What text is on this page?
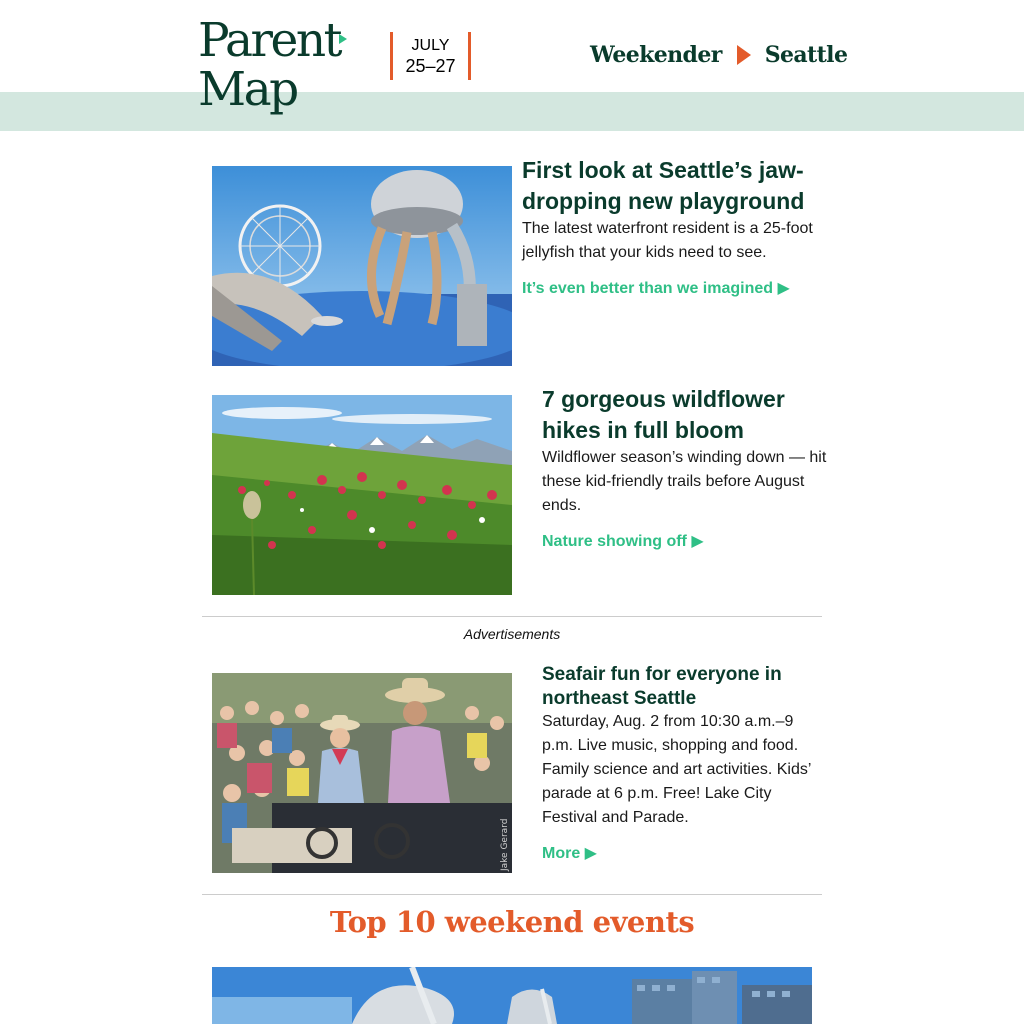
Parent
Map
JULY
25–27	Weekender Seattle
First look at Seattle’s jaw-dropping new playground
The latest waterfront resident is a 25-foot jellyfish that your kids need to see.
It’s even better than we imagined ▶
7 gorgeous wildflower hikes in full bloom
Wildflower season’s winding down — hit these kid-friendly trails before August ends.
Nature showing off ▶
Advertisements
Jake Gerard
Seafair fun for everyone in northeast Seattle
Saturday, Aug. 2 from 10:30 a.m.–9 p.m. Live music, shopping and food. Family science and art activities. Kids’ parade at 6 p.m. Free! Lake City Festival and Parade.
More ▶
Top 10 weekend events
